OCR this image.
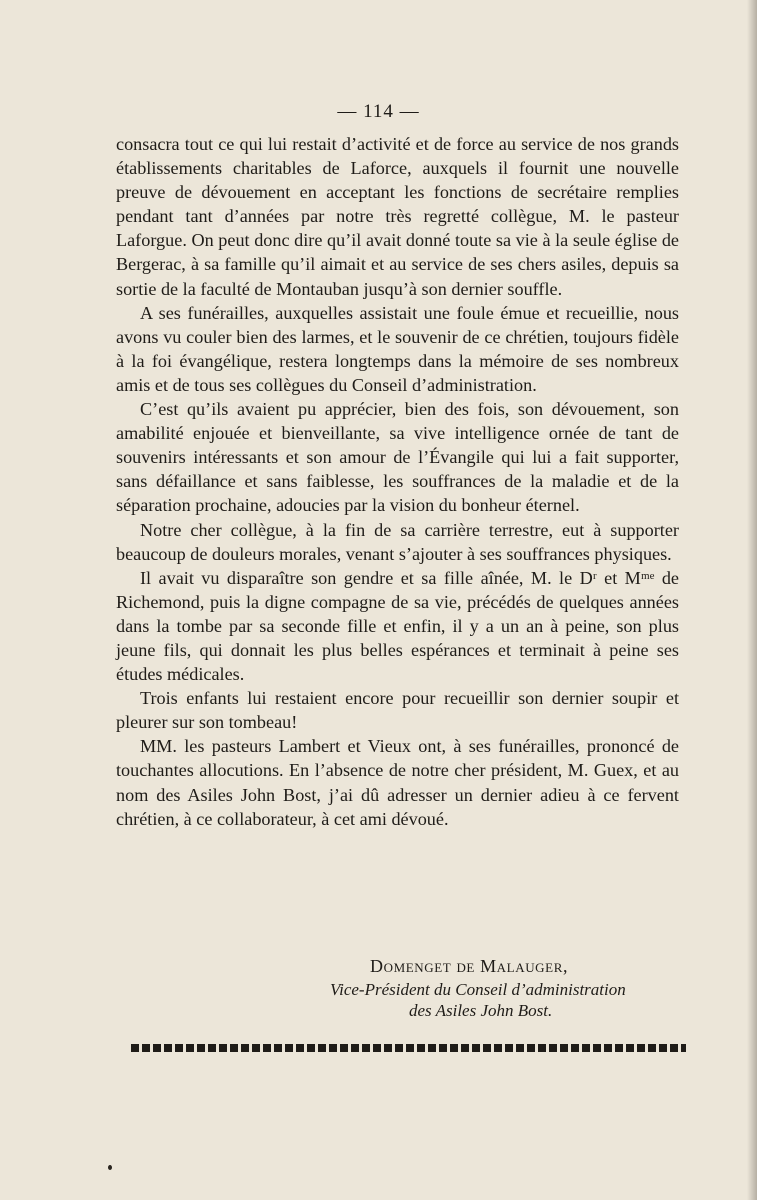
— 114 —

consacra tout ce qui lui restait d’activité et de force au service de nos grands établissements charitables de Laforce, auxquels il fournit une nouvelle preuve de dévouement en acceptant les fonctions de secrétaire remplies pendant tant d’années par notre très regretté collègue, M. le pasteur Laforgue. On peut donc dire qu’il avait donné toute sa vie à la seule église de Bergerac, à sa famille qu’il aimait et au service de ses chers asiles, depuis sa sortie de la faculté de Montauban jusqu’à son dernier souffle.

A ses funérailles, auxquelles assistait une foule émue et recueillie, nous avons vu couler bien des larmes, et le souvenir de ce chrétien, toujours fidèle à la foi évangélique, restera longtemps dans la mémoire de ses nombreux amis et de tous ses collègues du Conseil d’administration.

C’est qu’ils avaient pu apprécier, bien des fois, son dévouement, son amabilité enjouée et bienveillante, sa vive intelligence ornée de tant de souvenirs intéressants et son amour de l’Évangile qui lui a fait supporter, sans défaillance et sans faiblesse, les souffrances de la maladie et de la séparation prochaine, adoucies par la vision du bonheur éternel.

Notre cher collègue, à la fin de sa carrière terrestre, eut à supporter beaucoup de douleurs morales, venant s’ajouter à ses souffrances physiques.

Il avait vu disparaître son gendre et sa fille aînée, M. le Dʳ et Mᵐᵉ de Richemond, puis la digne compagne de sa vie, précédés de quelques années dans la tombe par sa seconde fille et enfin, il y a un an à peine, son plus jeune fils, qui donnait les plus belles espérances et terminait à peine ses études médicales.

Trois enfants lui restaient encore pour recueillir son dernier soupir et pleurer sur son tombeau!

MM. les pasteurs Lambert et Vieux ont, à ses funérailles, prononcé de touchantes allocutions. En l’absence de notre cher président, M. Guex, et au nom des Asiles John Bost, j’ai dû adresser un dernier adieu à ce fervent chrétien, à ce collaborateur, à cet ami dévoué.

Domenget de Malauger,
Vice-Président du Conseil d’administration
des Asiles John Bost.
